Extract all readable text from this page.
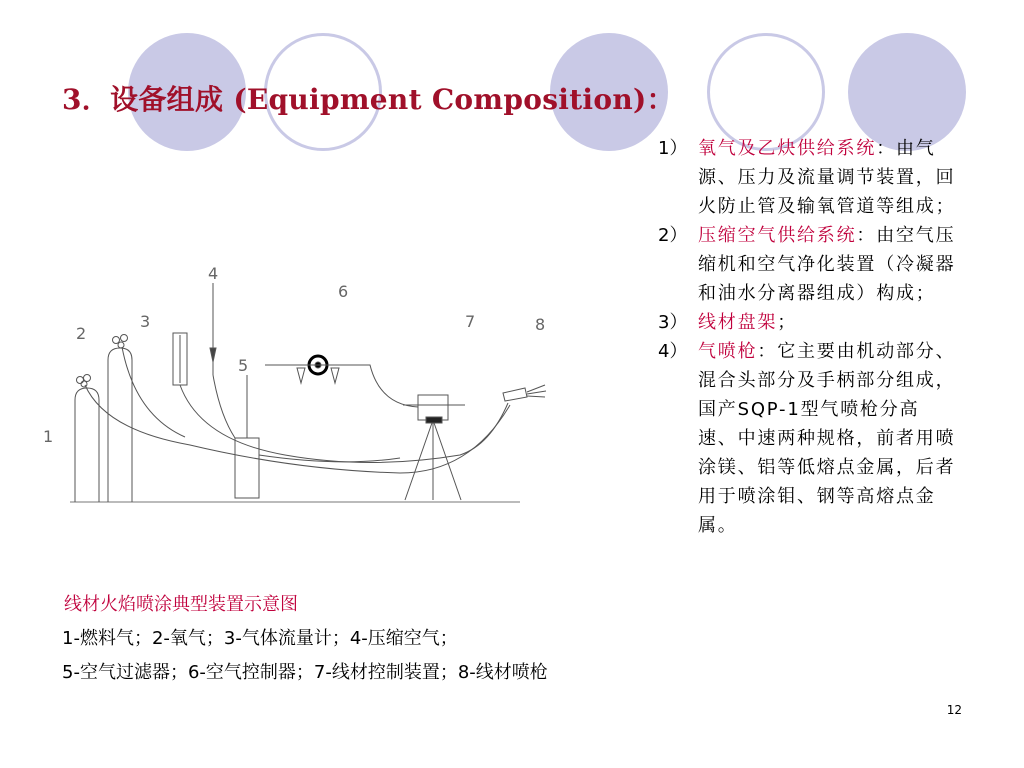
3．设备组成 (Equipment Composition)：
1） 氧气及乙炔供给系统：由气源、压力及流量调节装置，回火防止管及输氧管道等组成；
2） 压缩空气供给系统：由空气压缩机和空气净化装置（冷凝器和油水分离器组成）构成；
3） 线材盘架；
4） 气喷枪：它主要由机动部分、混合头部分及手柄部分组成，国产SQP-1型气喷枪分高速、中速两种规格，前者用喷涂镁、铝等低熔点金属，后者用于喷涂钼、钢等高熔点金属。
1
2
3
4
5
6
7	8
线材火焰喷涂典型装置示意图
1-燃料气；2-氧气；3-气体流量计；4-压缩空气；
5-空气过滤器；6-空气控制器；7-线材控制装置；8-线材喷枪
12
